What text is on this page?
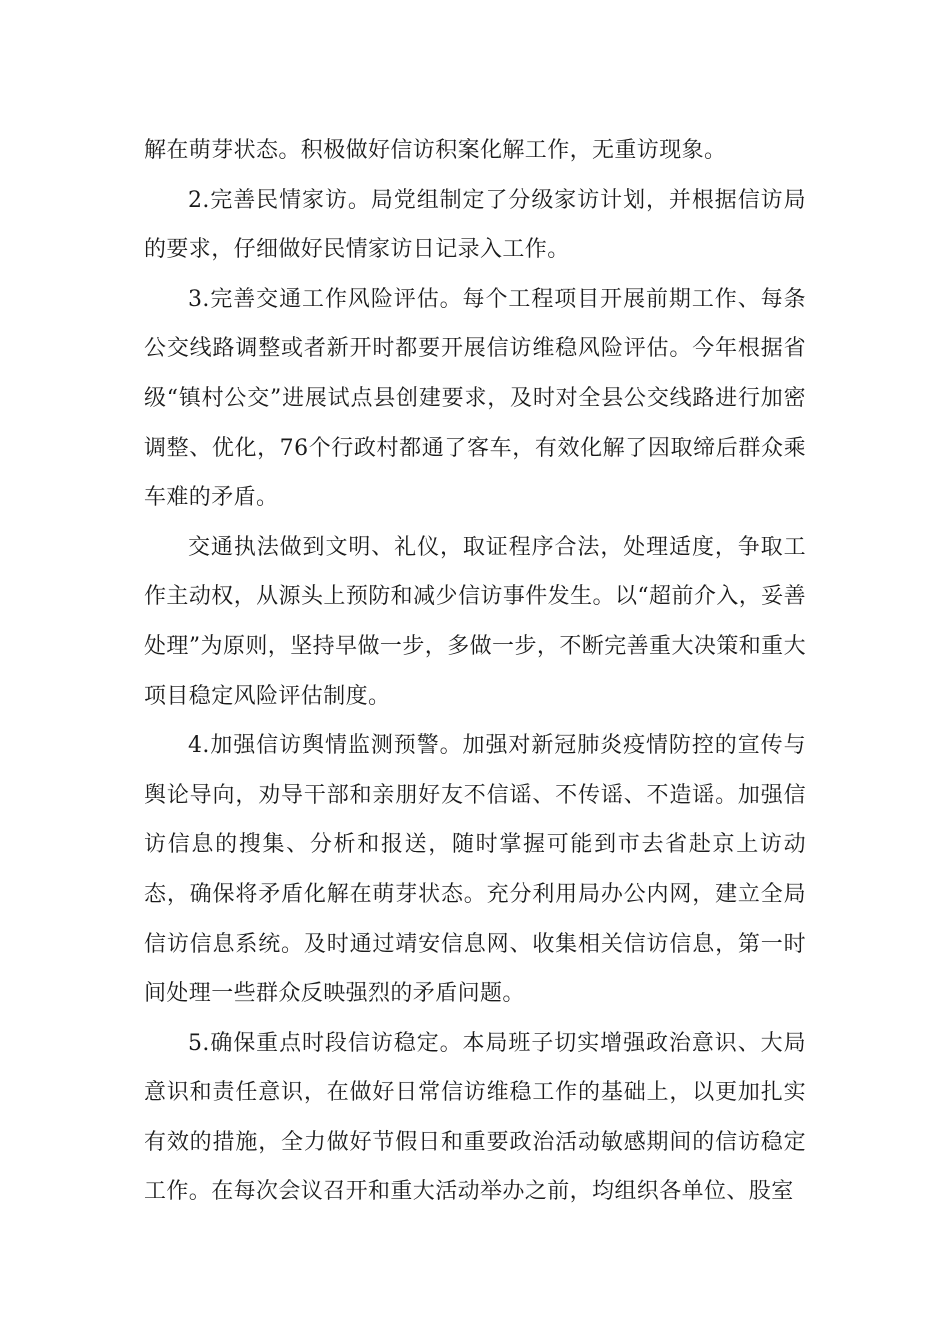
解在萌芽状态。积极做好信访积案化解工作，无重访现象。

2.完善民情家访。局党组制定了分级家访计划，并根据信访局的要求，仔细做好民情家访日记录入工作。

3.完善交通工作风险评估。每个工程项目开展前期工作、每条公交线路调整或者新开时都要开展信访维稳风险评估。今年根据省级“镇村公交”进展试点县创建要求，及时对全县公交线路进行加密调整、优化，76个行政村都通了客车，有效化解了因取缔后群众乘车难的矛盾。

交通执法做到文明、礼仪，取证程序合法，处理适度，争取工作主动权，从源头上预防和减少信访事件发生。以“超前介入，妥善处理”为原则，坚持早做一步，多做一步，不断完善重大决策和重大项目稳定风险评估制度。

4.加强信访舆情监测预警。加强对新冠肺炎疫情防控的宣传与舆论导向，劝导干部和亲朋好友不信谣、不传谣、不造谣。加强信访信息的搜集、分析和报送，随时掌握可能到市去省赴京上访动态，确保将矛盾化解在萌芽状态。充分利用局办公内网，建立全局信访信息系统。及时通过靖安信息网、收集相关信访信息，第一时间处理一些群众反映强烈的矛盾问题。

5.确保重点时段信访稳定。本局班子切实增强政治意识、大局意识和责任意识，在做好日常信访维稳工作的基础上，以更加扎实有效的措施，全力做好节假日和重要政治活动敏感期间的信访稳定工作。在每次会议召开和重大活动举办之前，均组织各单位、股室
